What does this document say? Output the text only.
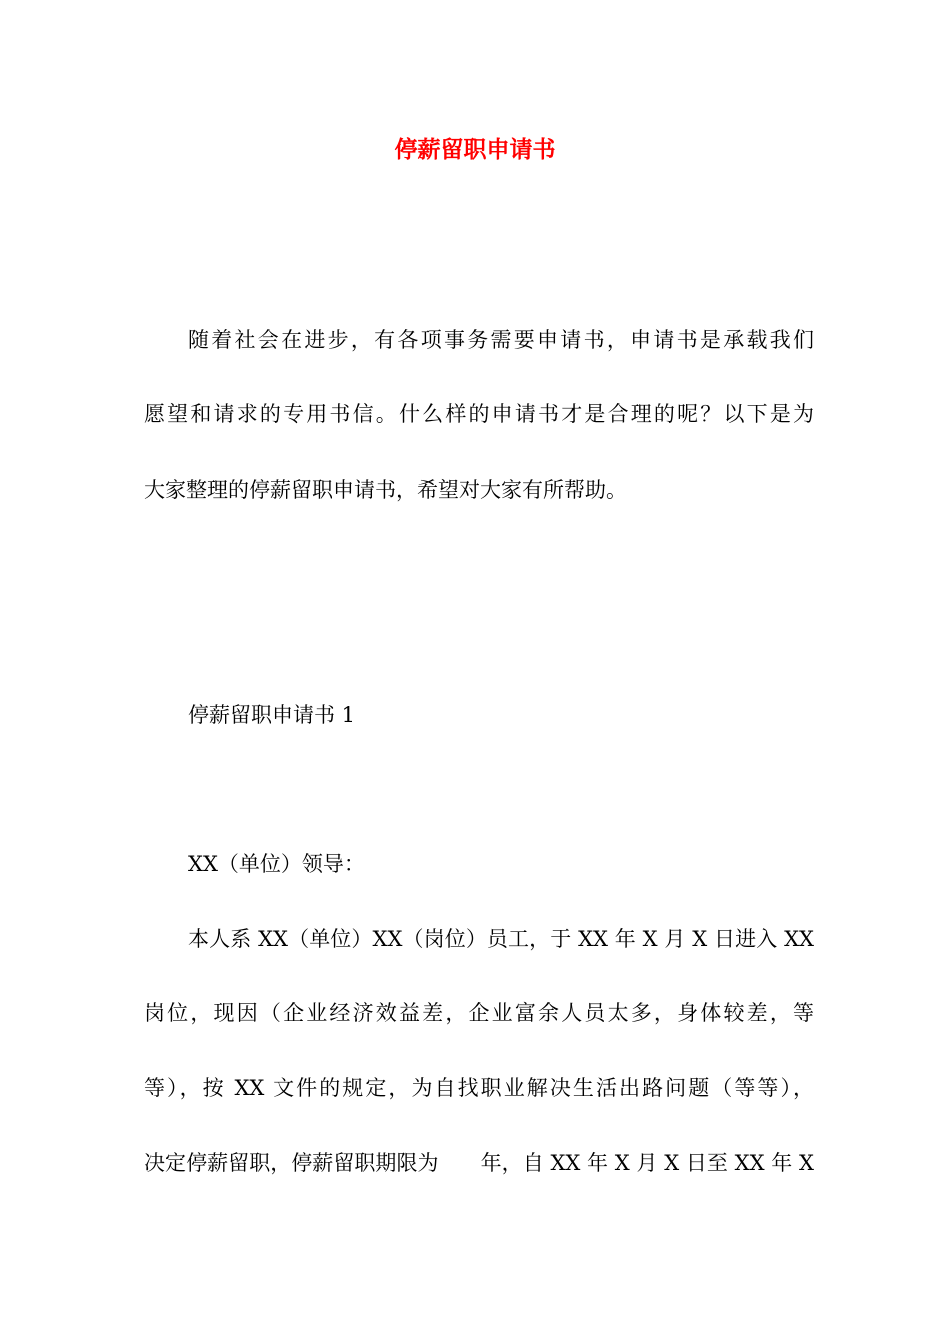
停薪留职申请书

随着社会在进步，有各项事务需要申请书，申请书是承载我们

愿望和请求的专用书信。什么样的申请书才是合理的呢？以下是为

大家整理的停薪留职申请书，希望对大家有所帮助。

停薪留职申请书 1

XX（单位）领导：

本人系 XX（单位）XX（岗位）员工，于 XX 年 X 月 X 日进入 XX

岗位，现因（企业经济效益差，企业富余人员太多，身体较差，等

等），按 XX 文件的规定，为自找职业解决生活出路问题（等等），

决定停薪留职，停薪留职期限为　　年，自 XX 年 X 月 X 日至 XX 年 X
